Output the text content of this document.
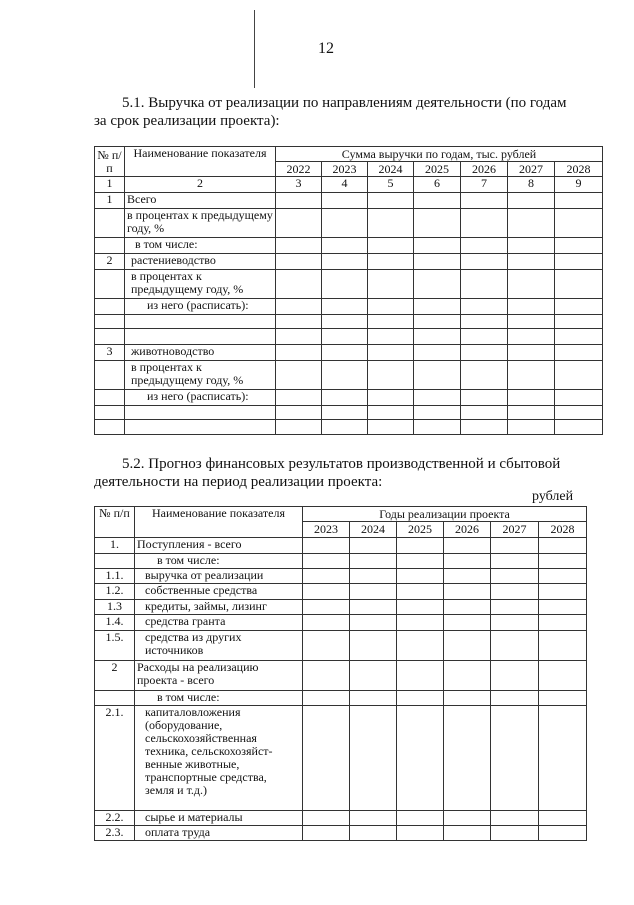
12
5.1. Выручка от реализации по направлениям деятельности (по годам
за срок реализации проекта):
№ п/п	Наименование показателя	Сумма выручки по годам, тыс. рублей						
		2022	2023	2024	2025	2026	2027	2028
1	2	3	4	5	6	7	8	9
1	Всего							
	в процентах к предыдущему году, %							
	в том числе:							
2	растениеводство							
	в процентах к предыдущему году, %							
	из него (расписать):							

3	животноводство							
	в процентах к предыдущему году, %							
	из него (расписать):							

5.2. Прогноз финансовых результатов производственной и сбытовой
деятельности на период реализации проекта:
рублей
№ п/п	Наименование показателя	Годы реализации проекта					
		2023	2024	2025	2026	2027	2028
1.	Поступления - всего						
	в том числе:						
1.1.	выручка от реализации						
1.2.	собственные средства						
1.3	кредиты, займы, лизинг						
1.4.	средства гранта						
1.5.	средства из других источников						
2	Расходы на реализацию проекта - всего						
	в том числе:						
2.1.	капиталовложения (оборудование, сельскохозяйственная техника, сельскохозяйст-венные животные, транспортные средства, земля и т.д.)						
2.2.	сырье и материалы						
2.3.	оплата труда						
